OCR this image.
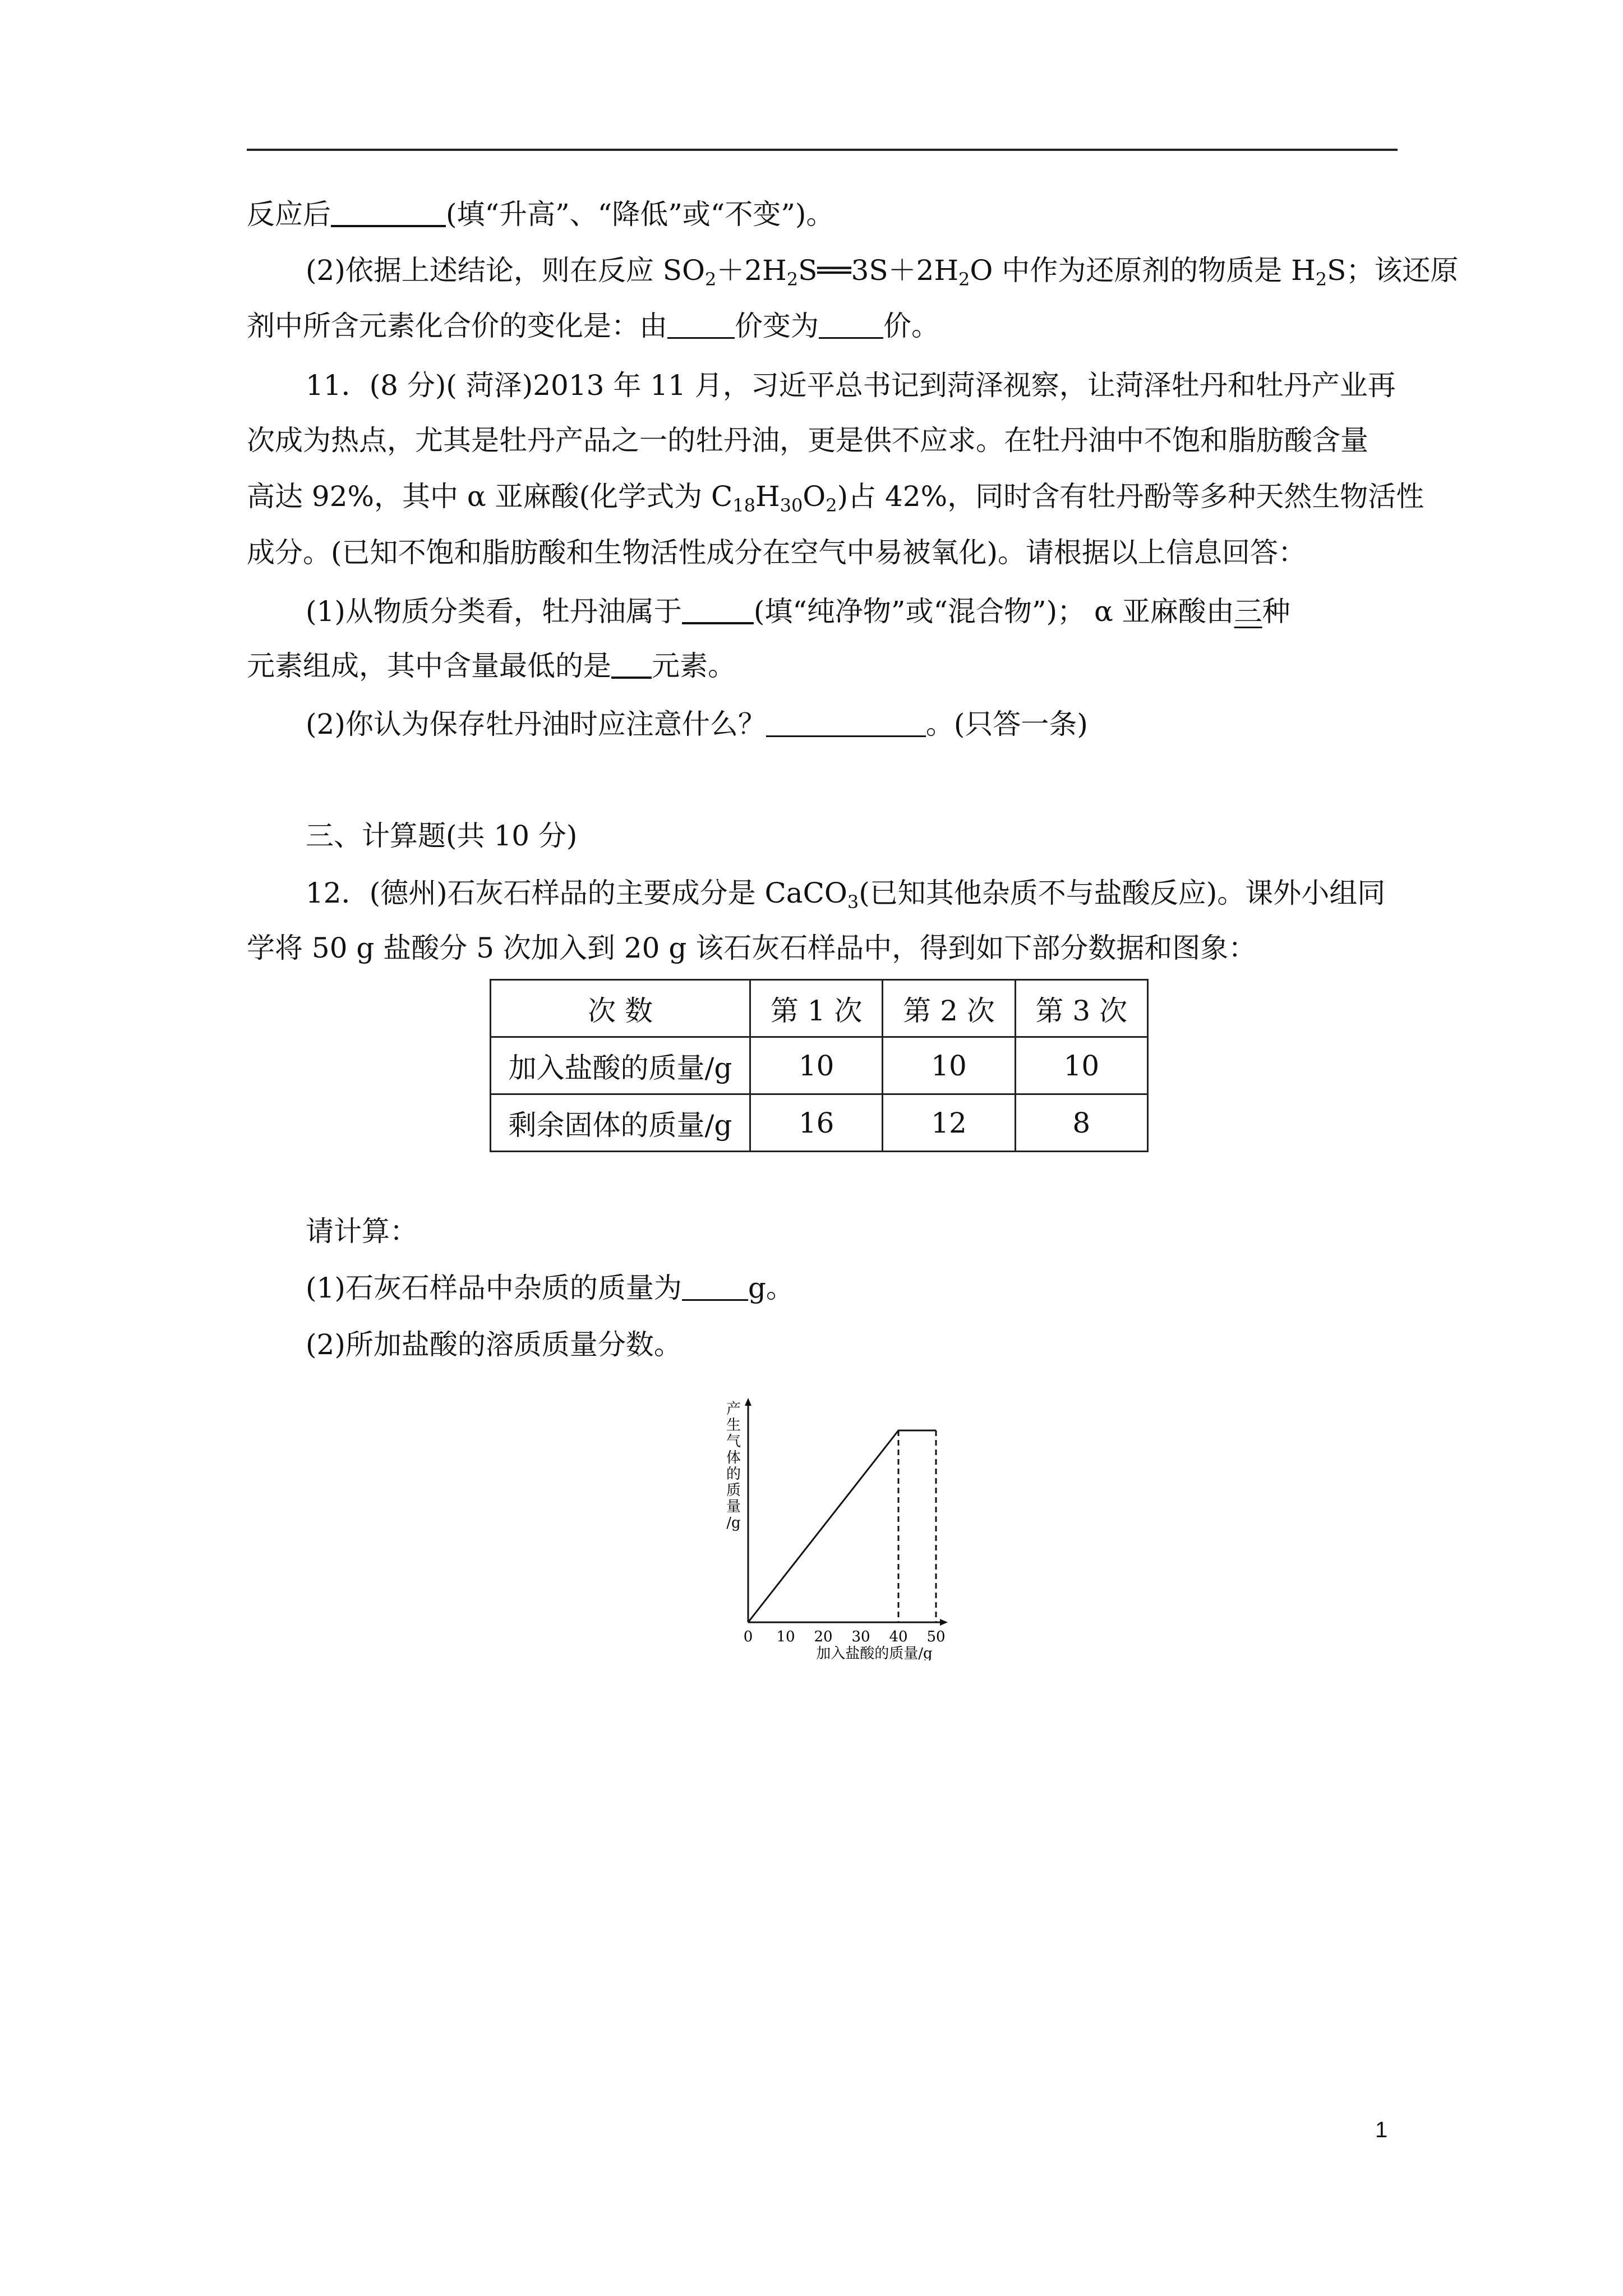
反应后	(填“升高”、“降低”或“不变”)。
(2)依据上述结论，则在反应 $SO_2+2H_2S══3S+2H_2O$ 中作为还原剂的物质是 $H_2S$；该还原
剂中所含元素化合价的变化是：由 价变为 价。
11．(8 分)( 菏泽)2013 年 11 月，习近平总书记到菏泽视察，让菏泽牡丹和牡丹产业再
次成为热点，尤其是牡丹产品之一的牡丹油，更是供不应求。在牡丹油中不饱和脂肪酸含量
高达 92%，其中 α 亚麻酸(化学式为 $C_{18}H_{30}O_2$)占 42%，同时含有牡丹酚等多种天然生物活性
成分。(已知不饱和脂肪酸和生物活性成分在空气中易被氧化)。请根据以上信息回答：
(1)从物质分类看，牡丹油属于	(填“纯净物”或“混合物”)； α 亚麻酸由三种
元素组成，其中含量最低的是 元素。
(2)你认为保存牡丹油时应注意什么？	。(只答一条)
三、计算题(共 10 分)
12．(德州)石灰石样品的主要成分是 CaCO$_3$(已知其他杂质不与盐酸反应)。课外小组同
学将 50 g 盐酸分 5 次加入到 20 g 该石灰石样品中，得到如下部分数据和图象：
次 数	第 1 次	第 2 次	第 3 次
加入盐酸的质量/g	10	10	10
剩余固体的质量/g	16	12	8
请计算：
(1)石灰石样品中杂质的质量为 g。
(2)所加盐酸的溶质质量分数。
产
生
气
体
的
质
量
/g
0 10 20 30 40 50
加入盐酸的质量/g
1
